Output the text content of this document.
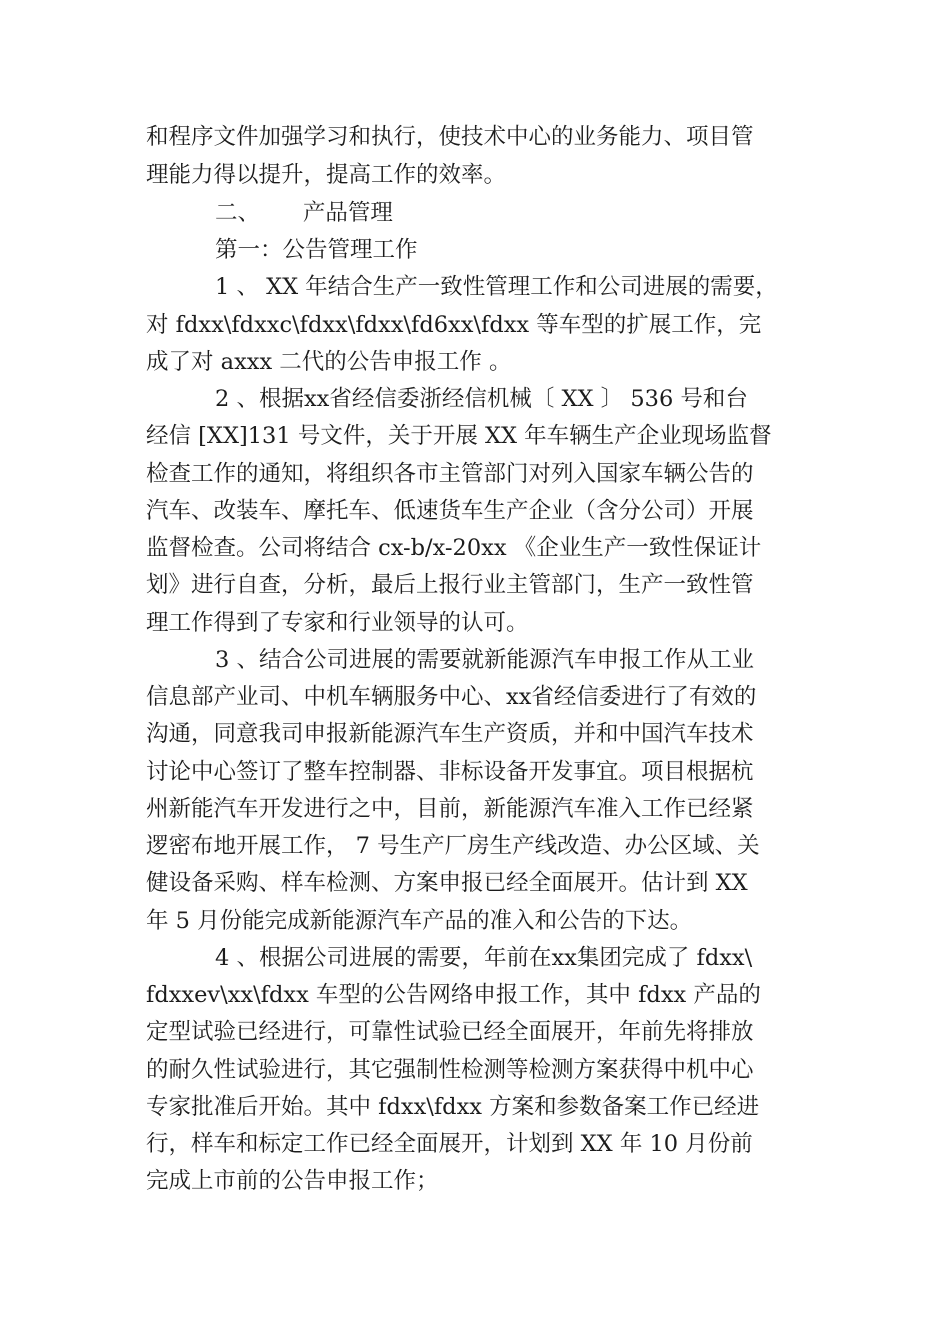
和程序文件加强学习和执行，使技术中心的业务能力、项目管
理能力得以提升，提高工作的效率。
二、      产品管理
第一：公告管理工作
1 、 XX 年结合生产一致性管理工作和公司进展的需要，
对 fdxx\fdxxc\fdxx\fdxx\fd6xx\fdxx 等车型的扩展工作，完
成了对 axxx 二代的公告申报工作 。
2 、根据xx省经信委浙经信机械〔 XX 〕 536 号和台
经信 [XX]131 号文件，关于开展 XX 年车辆生产企业现场监督
检查工作的通知，将组织各市主管部门对列入国家车辆公告的
汽车、改装车、摩托车、低速货车生产企业（含分公司）开展
监督检查。公司将结合 cx-b/x-20xx 《企业生产一致性保证计
划》进行自查，分析，最后上报行业主管部门，生产一致性管
理工作得到了专家和行业领导的认可。
3 、结合公司进展的需要就新能源汽车申报工作从工业
信息部产业司、中机车辆服务中心、xx省经信委进行了有效的
沟通，同意我司申报新能源汽车生产资质，并和中国汽车技术
讨论中心签订了整车控制器、非标设备开发事宜。项目根据杭
州新能汽车开发进行之中，目前，新能源汽车准入工作已经紧
逻密布地开展工作， 7 号生产厂房生产线改造、办公区域、关
健设备采购、样车检测、方案申报已经全面展开。估计到 XX
年 5 月份能完成新能源汽车产品的准入和公告的下达。
4 、根据公司进展的需要，年前在xx集团完成了 fdxx\
fdxxev\xx\fdxx 车型的公告网络申报工作，其中 fdxx 产品的
定型试验已经进行，可靠性试验已经全面展开，年前先将排放
的耐久性试验进行，其它强制性检测等检测方案获得中机中心
专家批准后开始。其中 fdxx\fdxx 方案和参数备案工作已经进
行，样车和标定工作已经全面展开，计划到 XX 年 10 月份前
完成上市前的公告申报工作；
